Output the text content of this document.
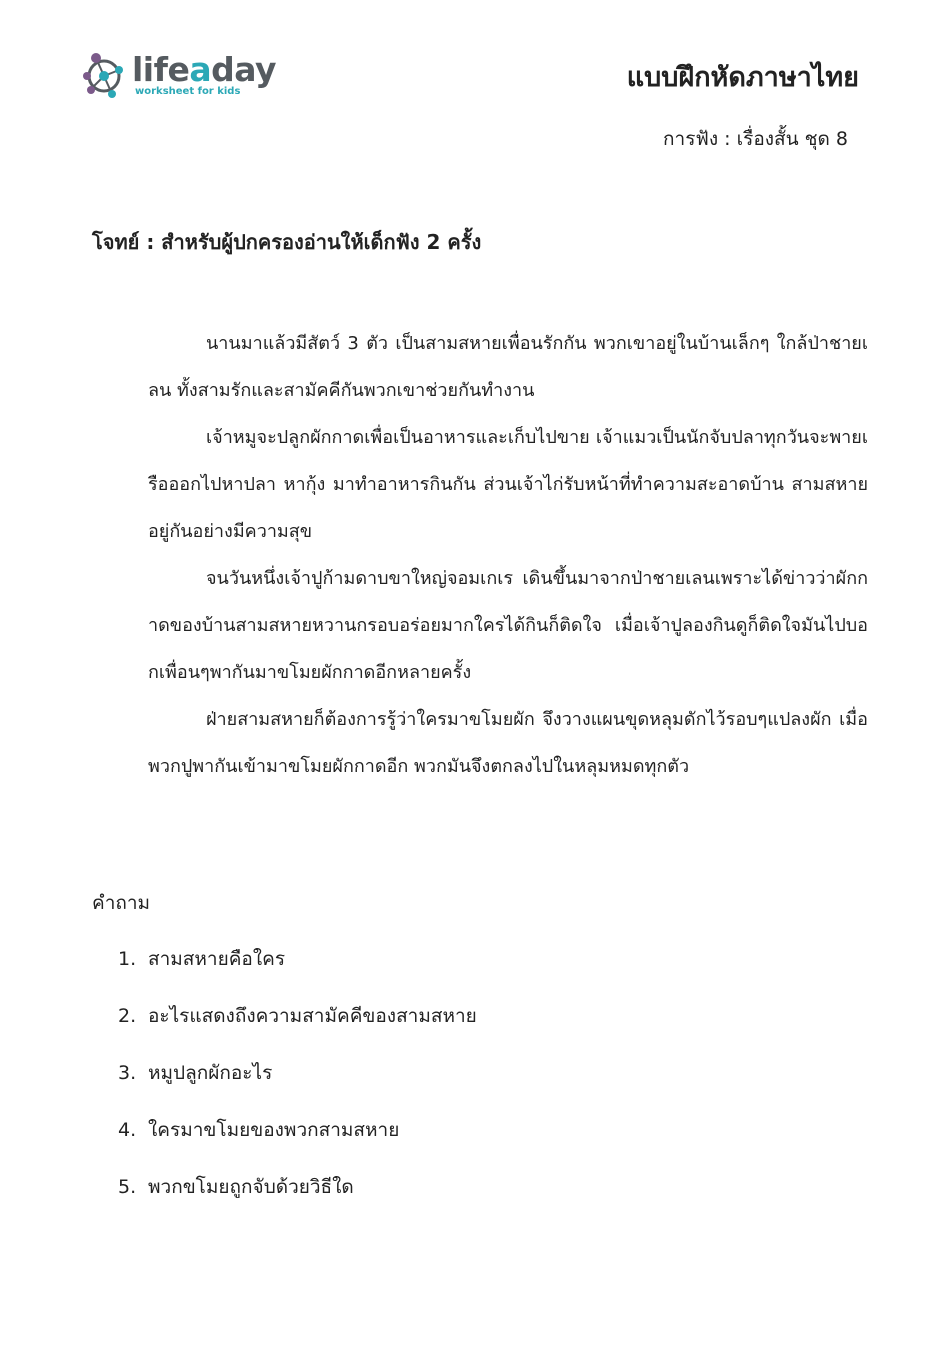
lifeaday
worksheet for kids	แบบฝึกหัดภาษาไทย
การฟัง : เรื่องสั้น ชุด 8
โจทย์ : สำหรับผู้ปกครองอ่านให้เด็กฟัง 2 ครั้ง

นานมาแล้วมีสัตว์ 3 ตัว เป็นสามสหายเพื่อนรักกัน พวกเขาอยู่ในบ้านเล็กๆ ใกล้ป่าชายเลน ทั้งสามรักและสามัคคีกันพวกเขาช่วยกันทำงาน

เจ้าหมูจะปลูกผักกาดเพื่อเป็นอาหารและเก็บไปขาย เจ้าแมวเป็นนักจับปลาทุกวันจะพายเรือออกไปหาปลา หากุ้ง มาทำอาหารกินกัน ส่วนเจ้าไก่รับหน้าที่ทำความสะอาดบ้าน สามสหายอยู่กันอย่างมีความสุข

จนวันหนึ่งเจ้าปูก้ามดาบขาใหญ่จอมเกเร เดินขึ้นมาจากป่าชายเลนเพราะได้ข่าวว่าผักกาดของบ้านสามสหายหวานกรอบอร่อยมากใครได้กินก็ติดใจ เมื่อเจ้าปูลองกินดูก็ติดใจมันไปบอกเพื่อนๆพากันมาขโมยผักกาดอีกหลายครั้ง

ฝ่ายสามสหายก็ต้องการรู้ว่าใครมาขโมยผัก จึงวางแผนขุดหลุมดักไว้รอบๆแปลงผัก เมื่อพวกปูพากันเข้ามาขโมยผักกาดอีก พวกมันจึงตกลงไปในหลุมหมดทุกตัว

คำถาม
1. สามสหายคือใคร
2. อะไรแสดงถึงความสามัคคีของสามสหาย
3. หมูปลูกผักอะไร
4. ใครมาขโมยของพวกสามสหาย
5. พวกขโมยถูกจับด้วยวิธีใด
